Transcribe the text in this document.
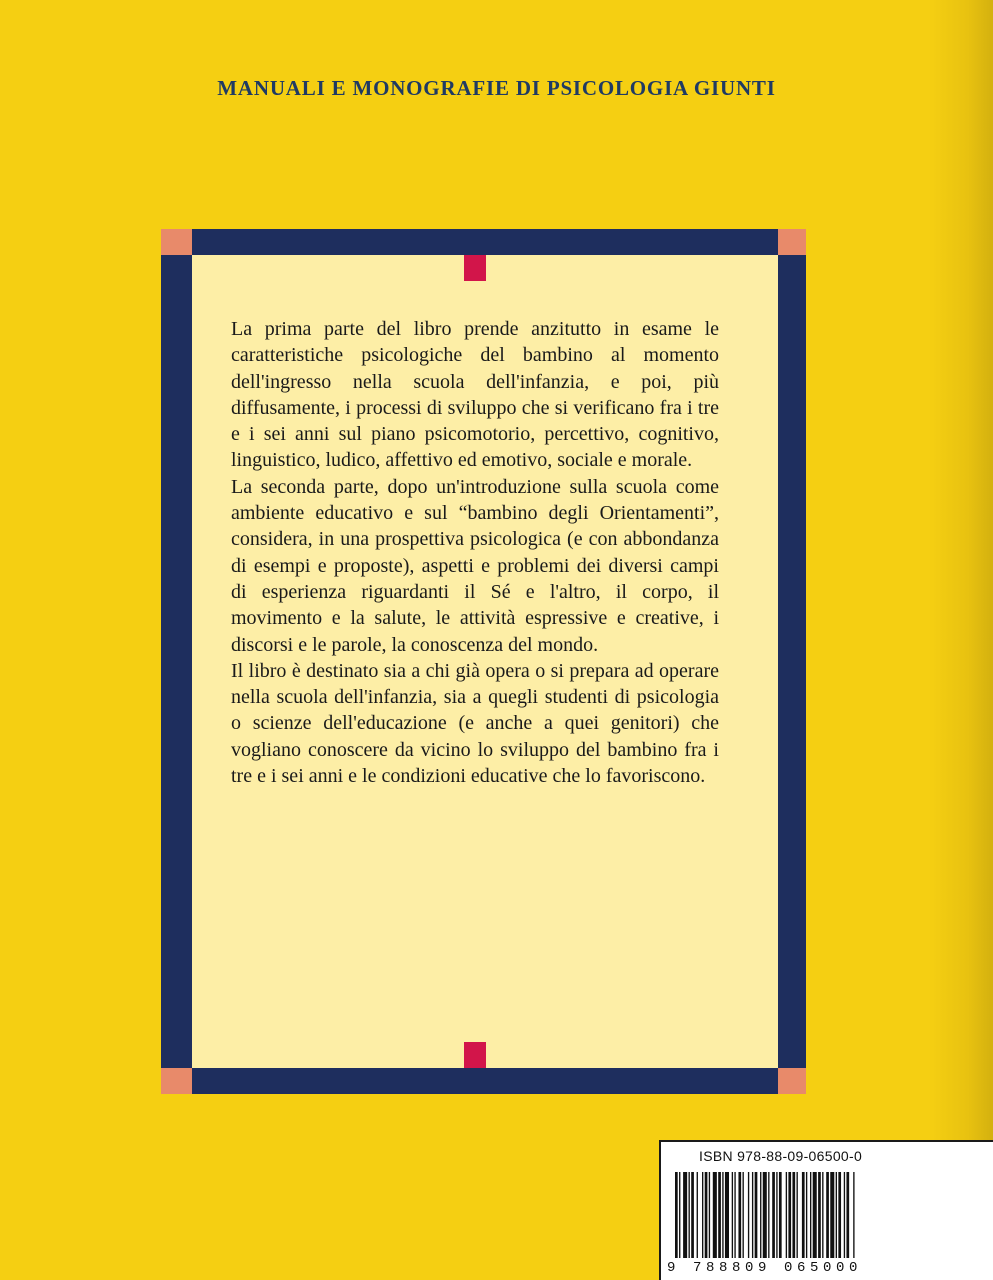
MANUALI E MONOGRAFIE DI PSICOLOGIA GIUNTI

La prima parte del libro prende anzitutto in esame le caratteristiche psicologiche del bambino al momento dell'ingresso nella scuola dell'infanzia, e poi, più diffusamente, i processi di sviluppo che si verificano fra i tre e i sei anni sul piano psicomotorio, percettivo, cognitivo, linguistico, ludico, affettivo ed emotivo, sociale e morale.

La seconda parte, dopo un'introduzione sulla scuola come ambiente educativo e sul “bambino degli Orientamenti”, considera, in una prospettiva psicologica (e con abbondanza di esempi e proposte), aspetti e problemi dei diversi campi di esperienza riguardanti il Sé e l'altro, il corpo, il movimento e la salute, le attività espressive e creative, i discorsi e le parole, la conoscenza del mondo.

Il libro è destinato sia a chi già opera o si prepara ad operare nella scuola dell'infanzia, sia a quegli studenti di psicologia o scienze dell'educazione (e anche a quei genitori) che vogliano conoscere da vicino lo sviluppo del bambino fra i tre e i sei anni e le condizioni educative che lo favoriscono.

ISBN 978-88-09-06500-0
9 788809 065000
